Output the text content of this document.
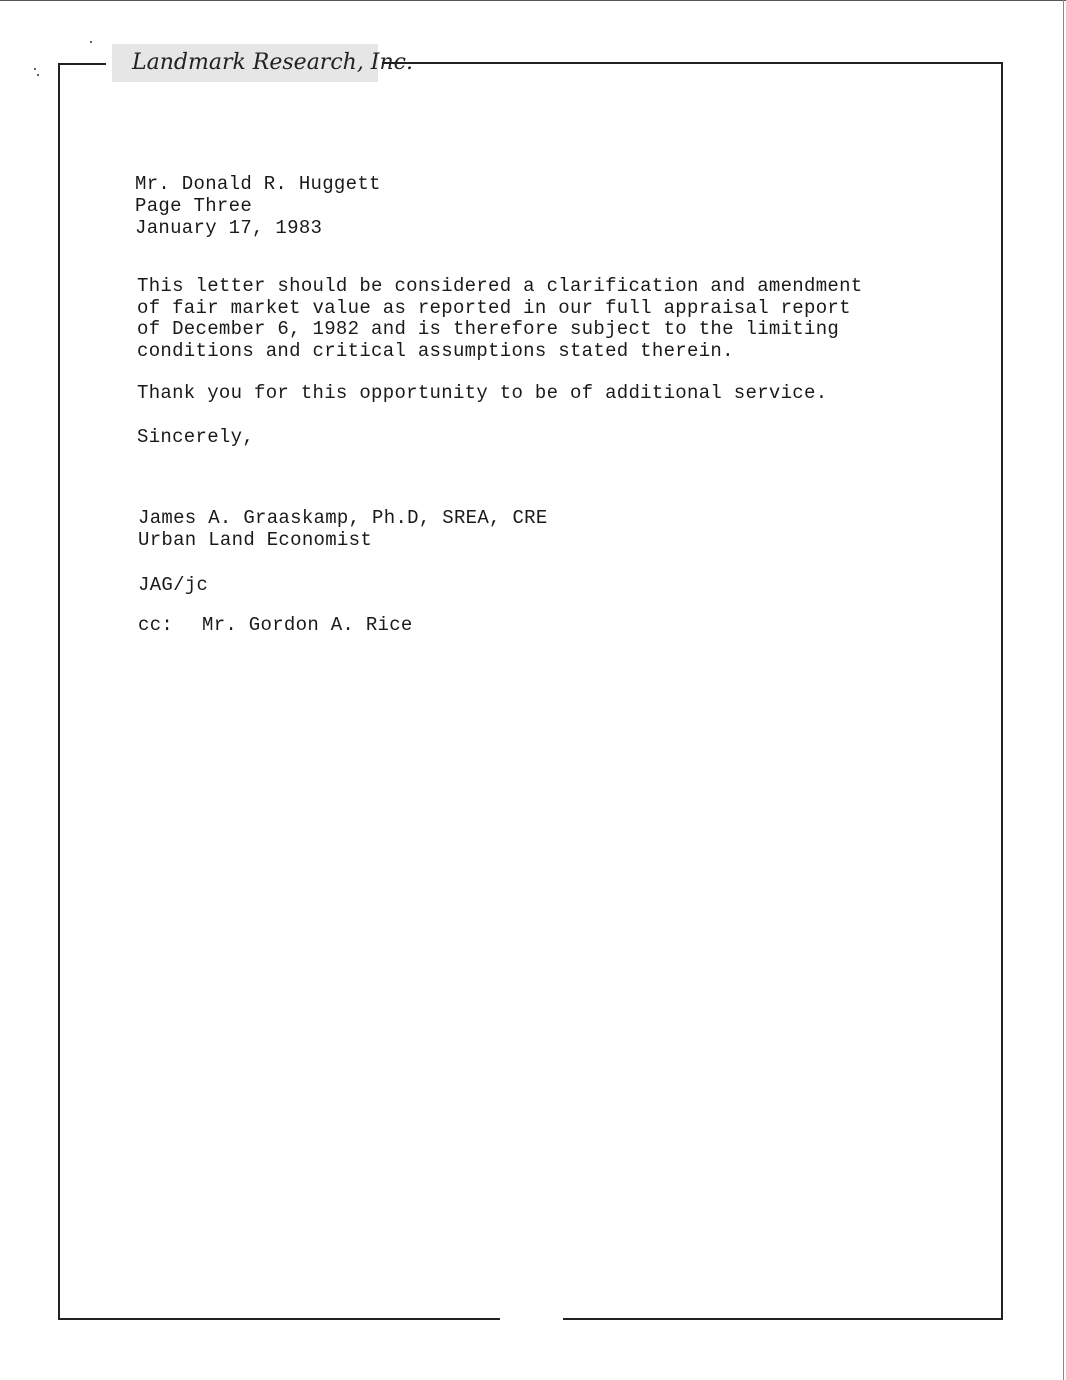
Landmark Research, Inc.
Mr. Donald R. Huggett
Page Three
January 17, 1983
This letter should be considered a clarification and amendment
of fair market value as reported in our full appraisal report
of December 6, 1982 and is therefore subject to the limiting
conditions and critical assumptions stated therein.
Thank you for this opportunity to be of additional service.
Sincerely,
James A. Graaskamp, Ph.D, SREA, CRE
Urban Land Economist
JAG/jc
cc: Mr. Gordon A. Rice
